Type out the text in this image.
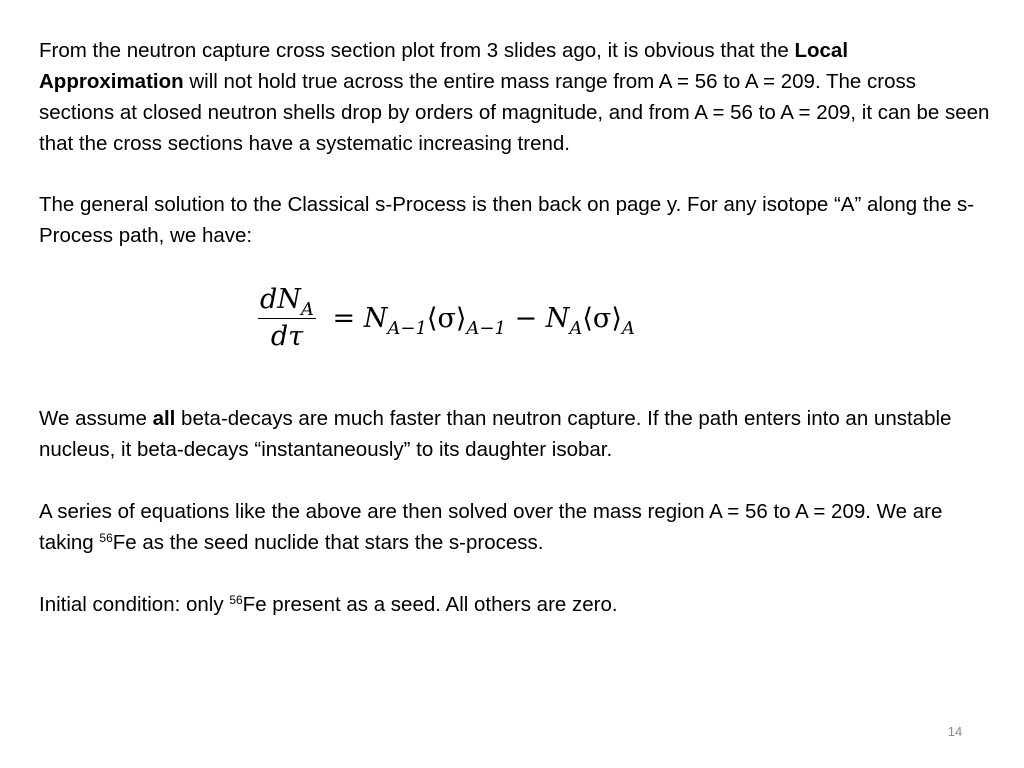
From the neutron capture cross section plot from 3 slides ago, it is obvious that the Local Approximation will not hold true across the entire mass range from A = 56 to A = 209. The cross sections at closed neutron shells drop by orders of magnitude, and from A = 56 to A = 209, it can be seen that the cross sections have a systematic increasing trend.

The general solution to the Classical s-Process is then back on page y. For any isotope “A” along the s-Process path, we have:

$\frac{dN_A}{d\tau}$ = $N_{A-1}⟨\sigma⟩_{A-1}$ − $N_A⟨\sigma⟩_A$

We assume all beta-decays are much faster than neutron capture. If the path enters into an unstable nucleus, it beta-decays “instantaneously” to its daughter isobar.

A series of equations like the above are then solved over the mass region A = 56 to A = 209. We are taking $^{56}$Fe as the seed nuclide that stars the s-process.

Initial condition: only $^{56}$Fe present as a seed. All others are zero.

14
